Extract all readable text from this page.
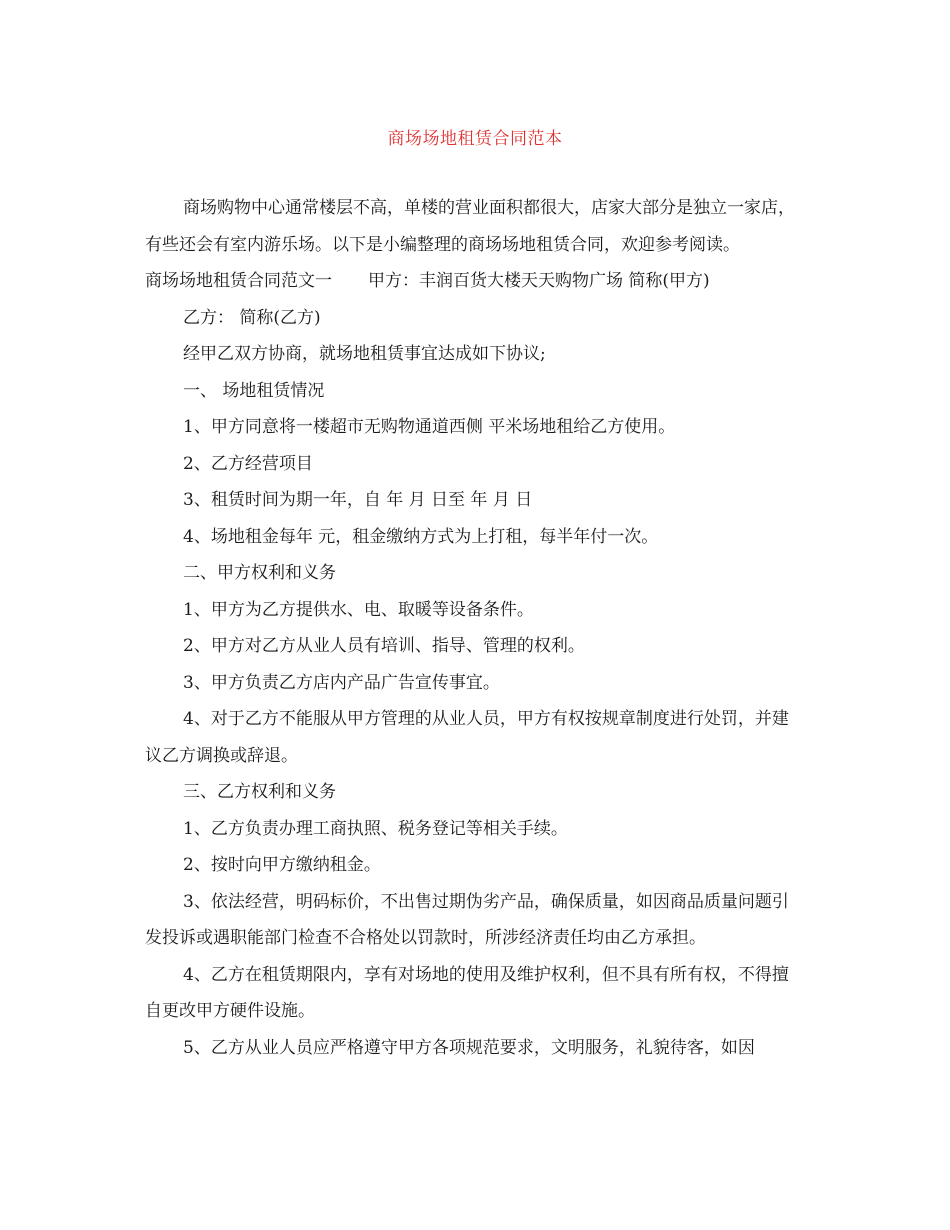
商场场地租赁合同范本

商场购物中心通常楼层不高，单楼的营业面积都很大，店家大部分是独立一家店，有些还会有室内游乐场。以下是小编整理的商场场地租赁合同，欢迎参考阅读。

商场场地租赁合同范文一 甲方：丰润百货大楼天天购物广场 简称(甲方)

乙方： 简称(乙方)

经甲乙双方协商，就场地租赁事宜达成如下协议;

一、 场地租赁情况

1、甲方同意将一楼超市无购物通道西侧 平米场地租给乙方使用。

2、乙方经营项目

3、租赁时间为期一年，自 年 月 日至 年 月 日

4、场地租金每年 元，租金缴纳方式为上打租，每半年付一次。

二、甲方权利和义务

1、甲方为乙方提供水、电、取暖等设备条件。

2、甲方对乙方从业人员有培训、指导、管理的权利。

3、甲方负责乙方店内产品广告宣传事宜。

4、对于乙方不能服从甲方管理的从业人员，甲方有权按规章制度进行处罚，并建议乙方调换或辞退。

三、乙方权利和义务

1、乙方负责办理工商执照、税务登记等相关手续。

2、按时向甲方缴纳租金。

3、依法经营，明码标价，不出售过期伪劣产品，确保质量，如因商品质量问题引发投诉或遇职能部门检查不合格处以罚款时，所涉经济责任均由乙方承担。

4、乙方在租赁期限内，享有对场地的使用及维护权利，但不具有所有权，不得擅自更改甲方硬件设施。

5、乙方从业人员应严格遵守甲方各项规范要求，文明服务，礼貌待客，如因
